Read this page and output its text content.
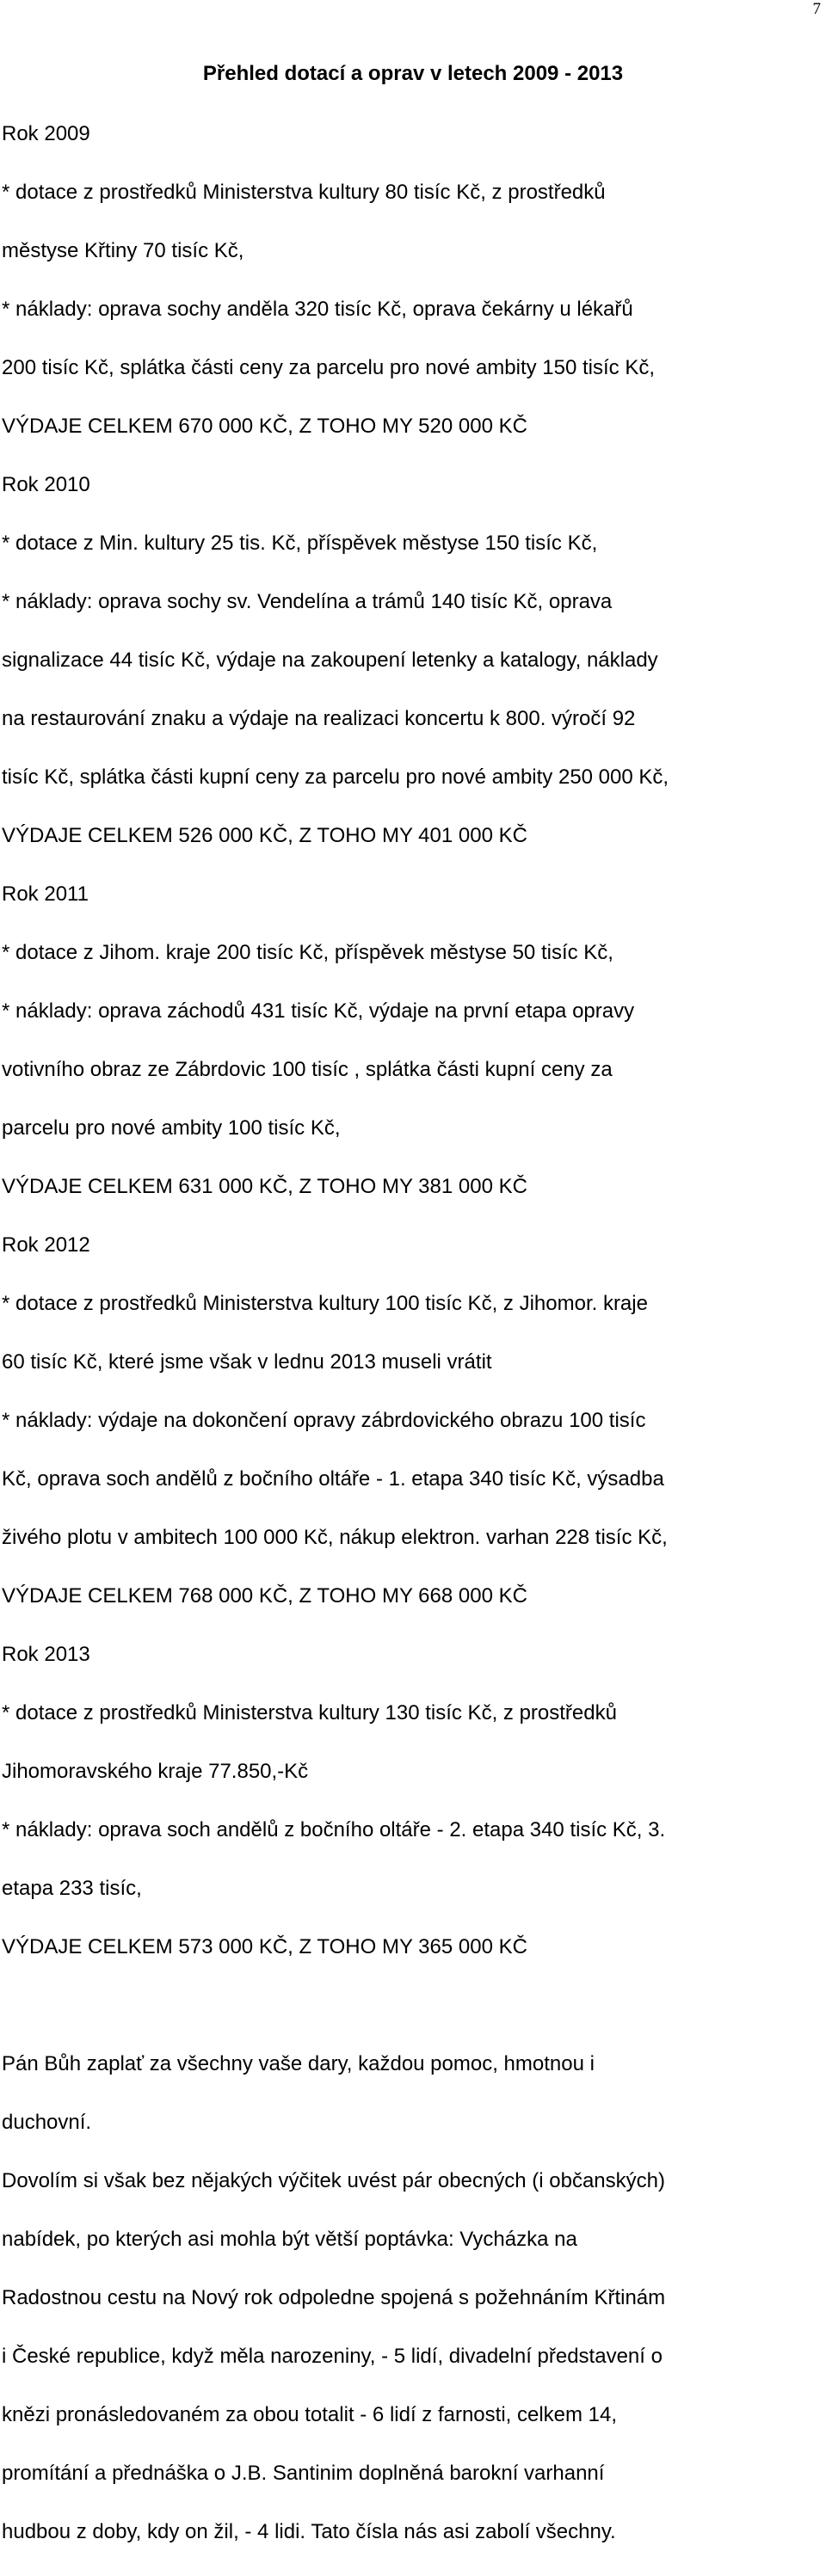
7
Přehled dotací a oprav v letech 2009 - 2013

Rok 2009

* dotace z prostředků Ministerstva kultury 80 tisíc Kč, z prostředků

městyse Křtiny 70 tisíc Kč,

* náklady: oprava sochy anděla 320 tisíc Kč, oprava čekárny u lékařů

200 tisíc Kč, splátka části ceny za parcelu pro nové ambity 150 tisíc Kč,

VÝDAJE CELKEM 670 000 KČ, Z TOHO MY 520 000 KČ

Rok 2010

* dotace z Min. kultury 25 tis. Kč, příspěvek městyse 150 tisíc Kč,

* náklady: oprava sochy sv. Vendelína a trámů 140 tisíc Kč, oprava

signalizace 44 tisíc Kč, výdaje na zakoupení letenky a katalogy, náklady

na restaurování znaku a výdaje na realizaci koncertu k 800. výročí 92

tisíc Kč, splátka části kupní ceny za parcelu pro nové ambity 250 000 Kč,

VÝDAJE CELKEM 526 000 KČ, Z TOHO MY 401 000 KČ

Rok 2011

* dotace z Jihom. kraje 200 tisíc Kč, příspěvek městyse 50 tisíc Kč,

* náklady: oprava záchodů 431 tisíc Kč, výdaje na první etapa opravy

votivního obraz ze Zábrdovic 100 tisíc , splátka části kupní ceny za

parcelu pro nové ambity 100 tisíc Kč,

VÝDAJE CELKEM 631 000 KČ, Z TOHO MY 381 000 KČ

Rok 2012

* dotace z prostředků Ministerstva kultury 100 tisíc Kč, z Jihomor. kraje

60 tisíc Kč, které jsme však v lednu 2013 museli vrátit

* náklady: výdaje na dokončení opravy zábrdovického obrazu 100 tisíc

Kč, oprava soch andělů z bočního oltáře - 1. etapa 340 tisíc Kč, výsadba

živého plotu v ambitech 100 000 Kč, nákup elektron. varhan 228 tisíc Kč,

VÝDAJE CELKEM 768 000 KČ, Z TOHO MY 668 000 KČ

Rok 2013

* dotace z prostředků Ministerstva kultury 130 tisíc Kč, z prostředků

Jihomoravského kraje 77.850,-Kč

* náklady: oprava soch andělů z bočního oltáře - 2. etapa 340 tisíc Kč, 3.

etapa 233 tisíc,

VÝDAJE CELKEM 573 000 KČ, Z TOHO MY 365 000 KČ

Pán Bůh zaplať za všechny vaše dary, každou pomoc, hmotnou i

duchovní.

Dovolím si však bez nějakých výčitek uvést pár obecných (i občanských)

nabídek, po kterých asi mohla být větší poptávka: Vycházka na

Radostnou cestu na Nový rok odpoledne spojená s požehnáním Křtinám

i České republice, když měla narozeniny, - 5 lidí, divadelní představení o

knězi pronásledovaném za obou totalit - 6 lidí z farnosti, celkem 14,

promítání a přednáška o J.B. Santinim doplněná barokní varhanní

hudbou z doby, kdy on žil, - 4 lidi. Tato čísla nás asi zabolí všechny.
